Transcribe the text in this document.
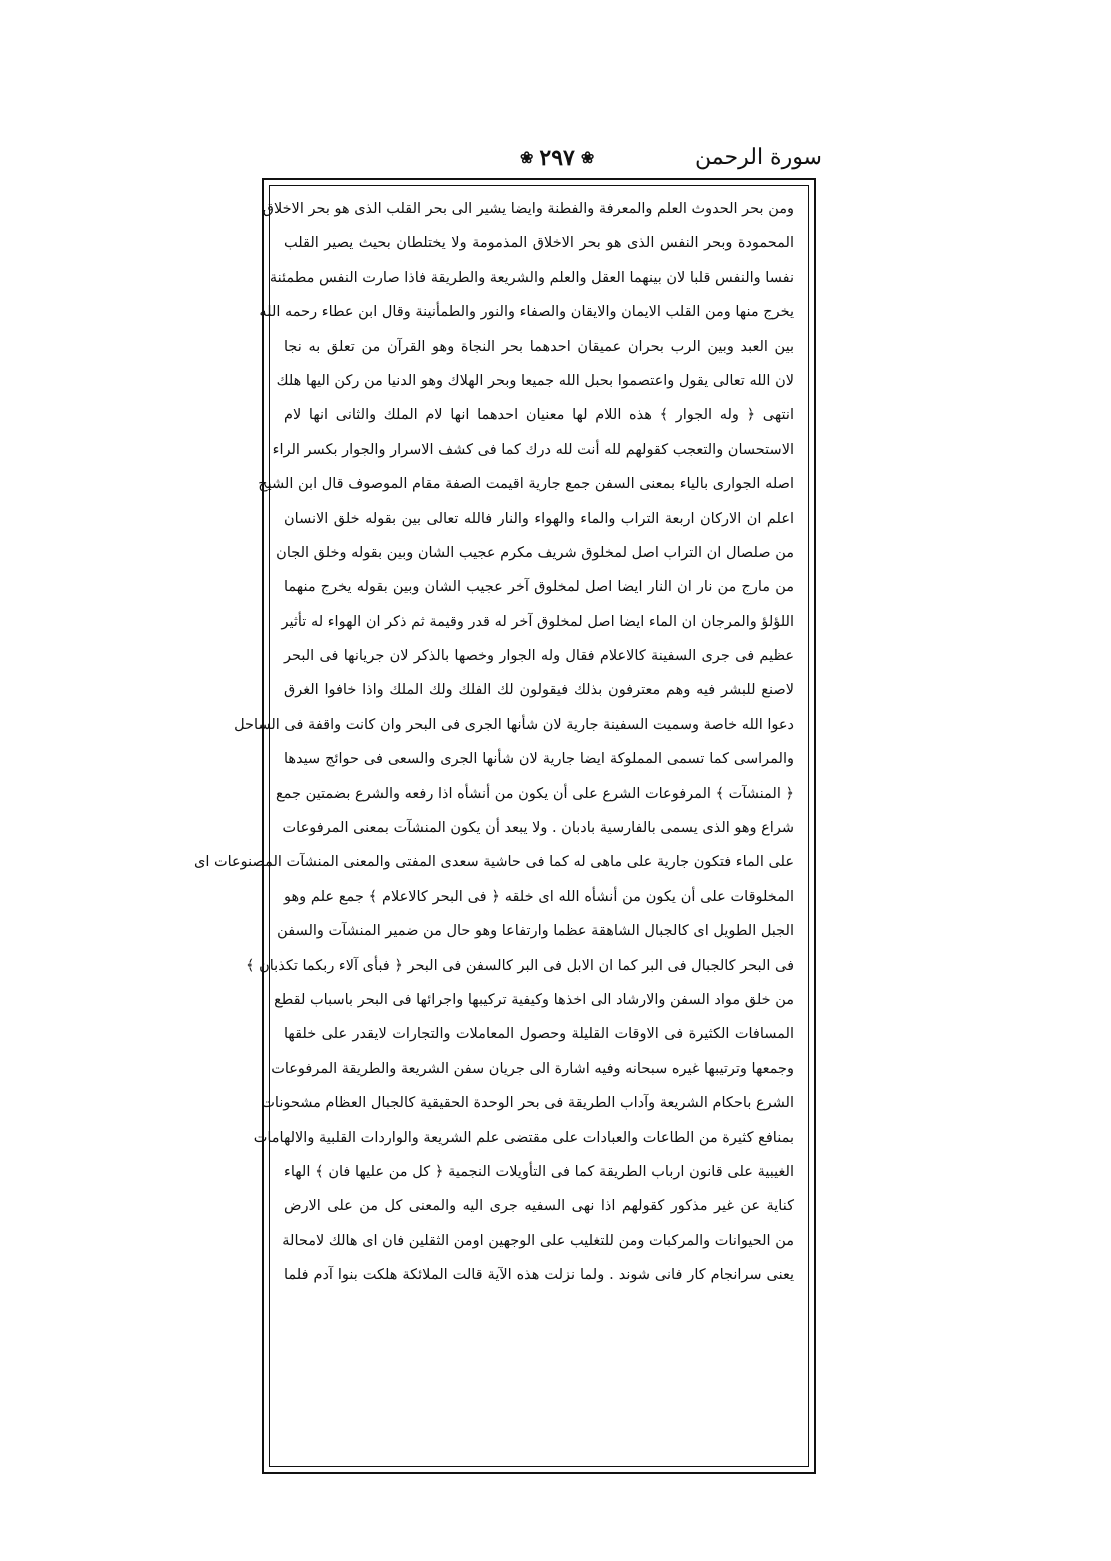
❀ ٢٩٧ ❀	سورة الرحمن
ومن بحر الحدوث العلم والمعرفة والفطنة وايضا يشير الى بحر القلب الذى هو بحر الاخلاق
المحمودة وبحر النفس الذى هو بحر الاخلاق المذمومة ولا يختلطان بحيث يصير القلب
نفسا والنفس قلبا لان بينهما العقل والعلم والشريعة والطريقة فاذا صارت النفس مطمئنة
يخرج منها ومن القلب الايمان والايقان والصفاء والنور والطمأنينة وقال ابن عطاء رحمه الله
بين العبد وبين الرب بحران عميقان احدهما بحر النجاة وهو القرآن من تعلق به نجا
لان الله تعالى يقول واعتصموا بحبل الله جميعا وبحر الهلاك وهو الدنيا من ركن اليها هلك
انتهى ﴿ وله الجوار ﴾ هذه اللام لها معنيان احدهما انها لام الملك والثانى انها لام
الاستحسان والتعجب كقولهم لله أنت لله درك كما فى كشف الاسرار والجوار بكسر الراء
اصله الجوارى بالياء بمعنى السفن جمع جارية اقيمت الصفة مقام الموصوف قال ابن الشيخ
اعلم ان الاركان اربعة التراب والماء والهواء والنار فالله تعالى بين بقوله خلق الانسان
من صلصال ان التراب اصل لمخلوق شريف مكرم عجيب الشان وبين بقوله وخلق الجان
من مارج من نار ان النار ايضا اصل لمخلوق آخر عجيب الشان وبين بقوله يخرج منهما
اللؤلؤ والمرجان ان الماء ايضا اصل لمخلوق آخر له قدر وقيمة ثم ذكر ان الهواء له تأثير
عظيم فى جرى السفينة كالاعلام فقال وله الجوار وخصها بالذكر لان جريانها فى البحر
لاصنع للبشر فيه وهم معترفون بذلك فيقولون لك الفلك ولك الملك واذا خافوا الغرق
دعوا الله خاصة وسميت السفينة جارية لان شأنها الجرى فى البحر وان كانت واقفة فى الساحل
والمراسى كما تسمى المملوكة ايضا جارية لان شأنها الجرى والسعى فى حوائج سيدها
﴿ المنشآت ﴾ المرفوعات الشرع على أن يكون من أنشأه اذا رفعه والشرع بضمتين جمع
شراع وهو الذى يسمى بالفارسية بادبان . ولا يبعد أن يكون المنشآت بمعنى المرفوعات
على الماء فتكون جارية على ماهى له كما فى حاشية سعدى المفتى والمعنى المنشآت المصنوعات اى
المخلوقات على أن يكون من أنشأه الله اى خلقه ﴿ فى البحر كالاعلام ﴾ جمع علم وهو
الجبل الطويل اى كالجبال الشاهقة عظما وارتفاعا وهو حال من ضمير المنشآت والسفن
فى البحر كالجبال فى البر كما ان الابل فى البر كالسفن فى البحر ﴿ فبأى آلاء ربكما تكذبان ﴾
من خلق مواد السفن والارشاد الى اخذها وكيفية تركيبها واجرائها فى البحر باسباب لقطع
المسافات الكثيرة فى الاوقات القليلة وحصول المعاملات والتجارات لايقدر على خلقها
وجمعها وترتيبها غيره سبحانه وفيه اشارة الى جريان سفن الشريعة والطريقة المرفوعات
الشرع باحكام الشريعة وآداب الطريقة فى بحر الوحدة الحقيقية كالجبال العظام مشحونات
بمنافع كثيرة من الطاعات والعبادات على مقتضى علم الشريعة والواردات القلبية والالهامات
الغيبية على قانون ارباب الطريقة كما فى التأويلات النجمية ﴿ كل من عليها فان ﴾ الهاء
كناية عن غير مذكور كقولهم اذا نهى السفيه جرى اليه والمعنى كل من على الارض
من الحيوانات والمركبات ومن للتغليب على الوجهين اومن الثقلين فان اى هالك لامحالة
يعنى سرانجام كار فانى شوند . ولما نزلت هذه الآية قالت الملائكة هلكت بنوا آدم فلما
